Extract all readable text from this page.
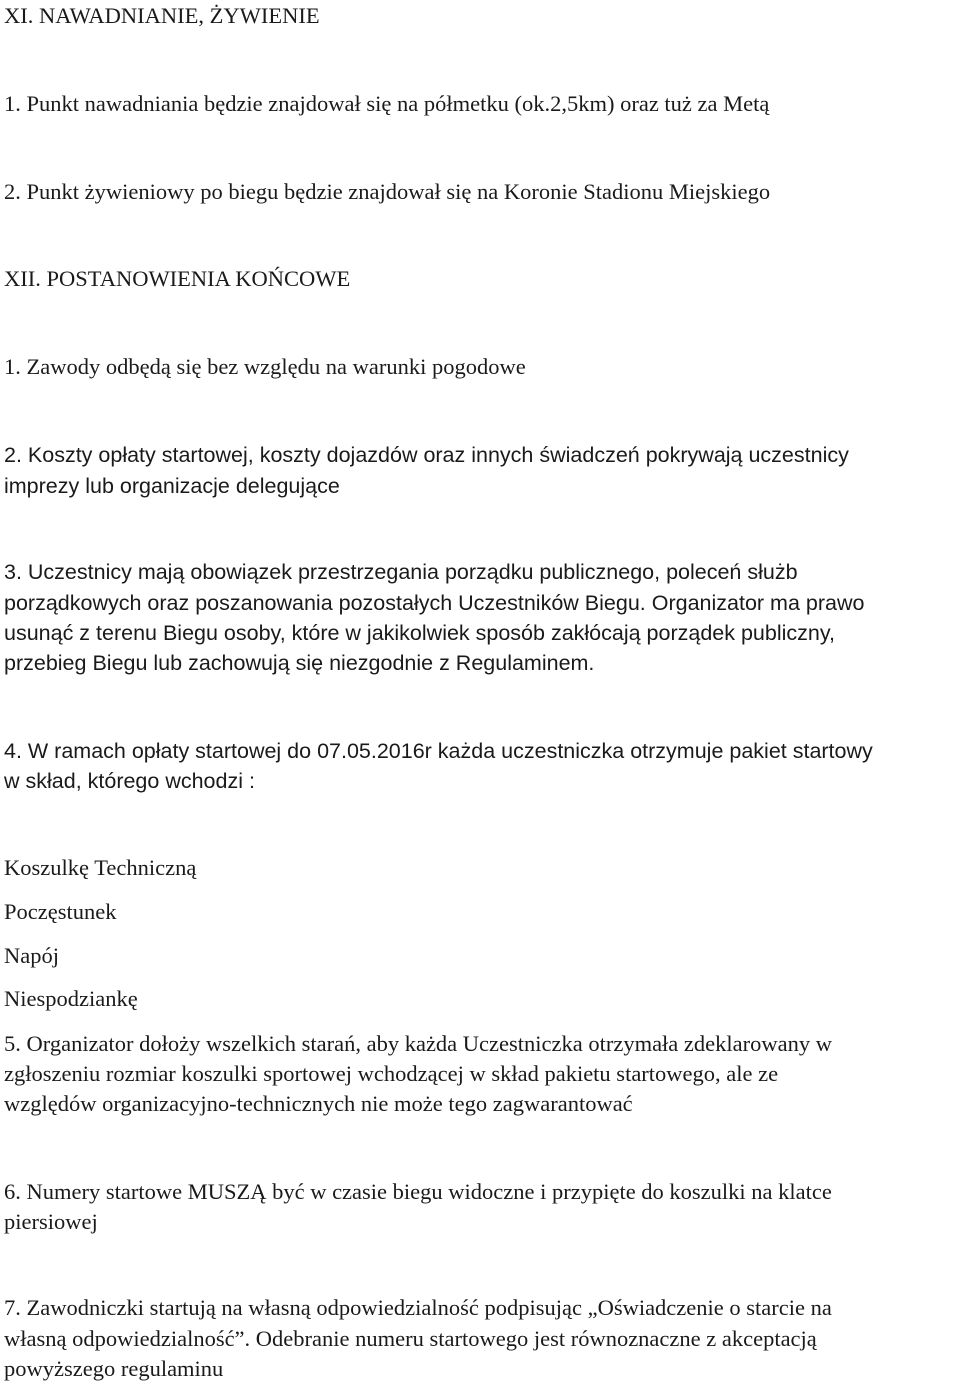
XI. NAWADNIANIE, ŻYWIENIE

1. Punkt nawadniania będzie znajdował się na półmetku (ok.2,5km) oraz tuż za Metą

2. Punkt żywieniowy po biegu będzie znajdował się na Koronie Stadionu Miejskiego

XII. POSTANOWIENIA KOŃCOWE

1. Zawody odbędą się bez względu na warunki pogodowe

2. Koszty opłaty startowej, koszty dojazdów oraz innych świadczeń pokrywają uczestnicy

imprezy lub organizacje delegujące

3. Uczestnicy mają obowiązek przestrzegania porządku publicznego, poleceń służb

porządkowych oraz poszanowania pozostałych Uczestników Biegu. Organizator ma prawo

usunąć z terenu Biegu osoby, które w jakikolwiek sposób zakłócają porządek publiczny,

przebieg Biegu lub zachowują się niezgodnie z Regulaminem.

4. W ramach opłaty startowej do 07.05.2016r każda uczestniczka otrzymuje pakiet startowy

w skład, którego wchodzi :

Koszulkę Techniczną

Poczęstunek

Napój

Niespodziankę

5. Organizator dołoży wszelkich starań, aby każda Uczestniczka otrzymała zdeklarowany w

zgłoszeniu rozmiar koszulki sportowej wchodzącej w skład pakietu startowego, ale ze

względów organizacyjno-technicznych nie może tego zagwarantować

6. Numery startowe MUSZĄ być w czasie biegu widoczne i przypięte do koszulki na klatce

piersiowej

7. Zawodniczki startują na własną odpowiedzialność podpisując „Oświadczenie o starcie na

własną odpowiedzialność”. Odebranie numeru startowego jest równoznaczne z akceptacją

powyższego regulaminu
